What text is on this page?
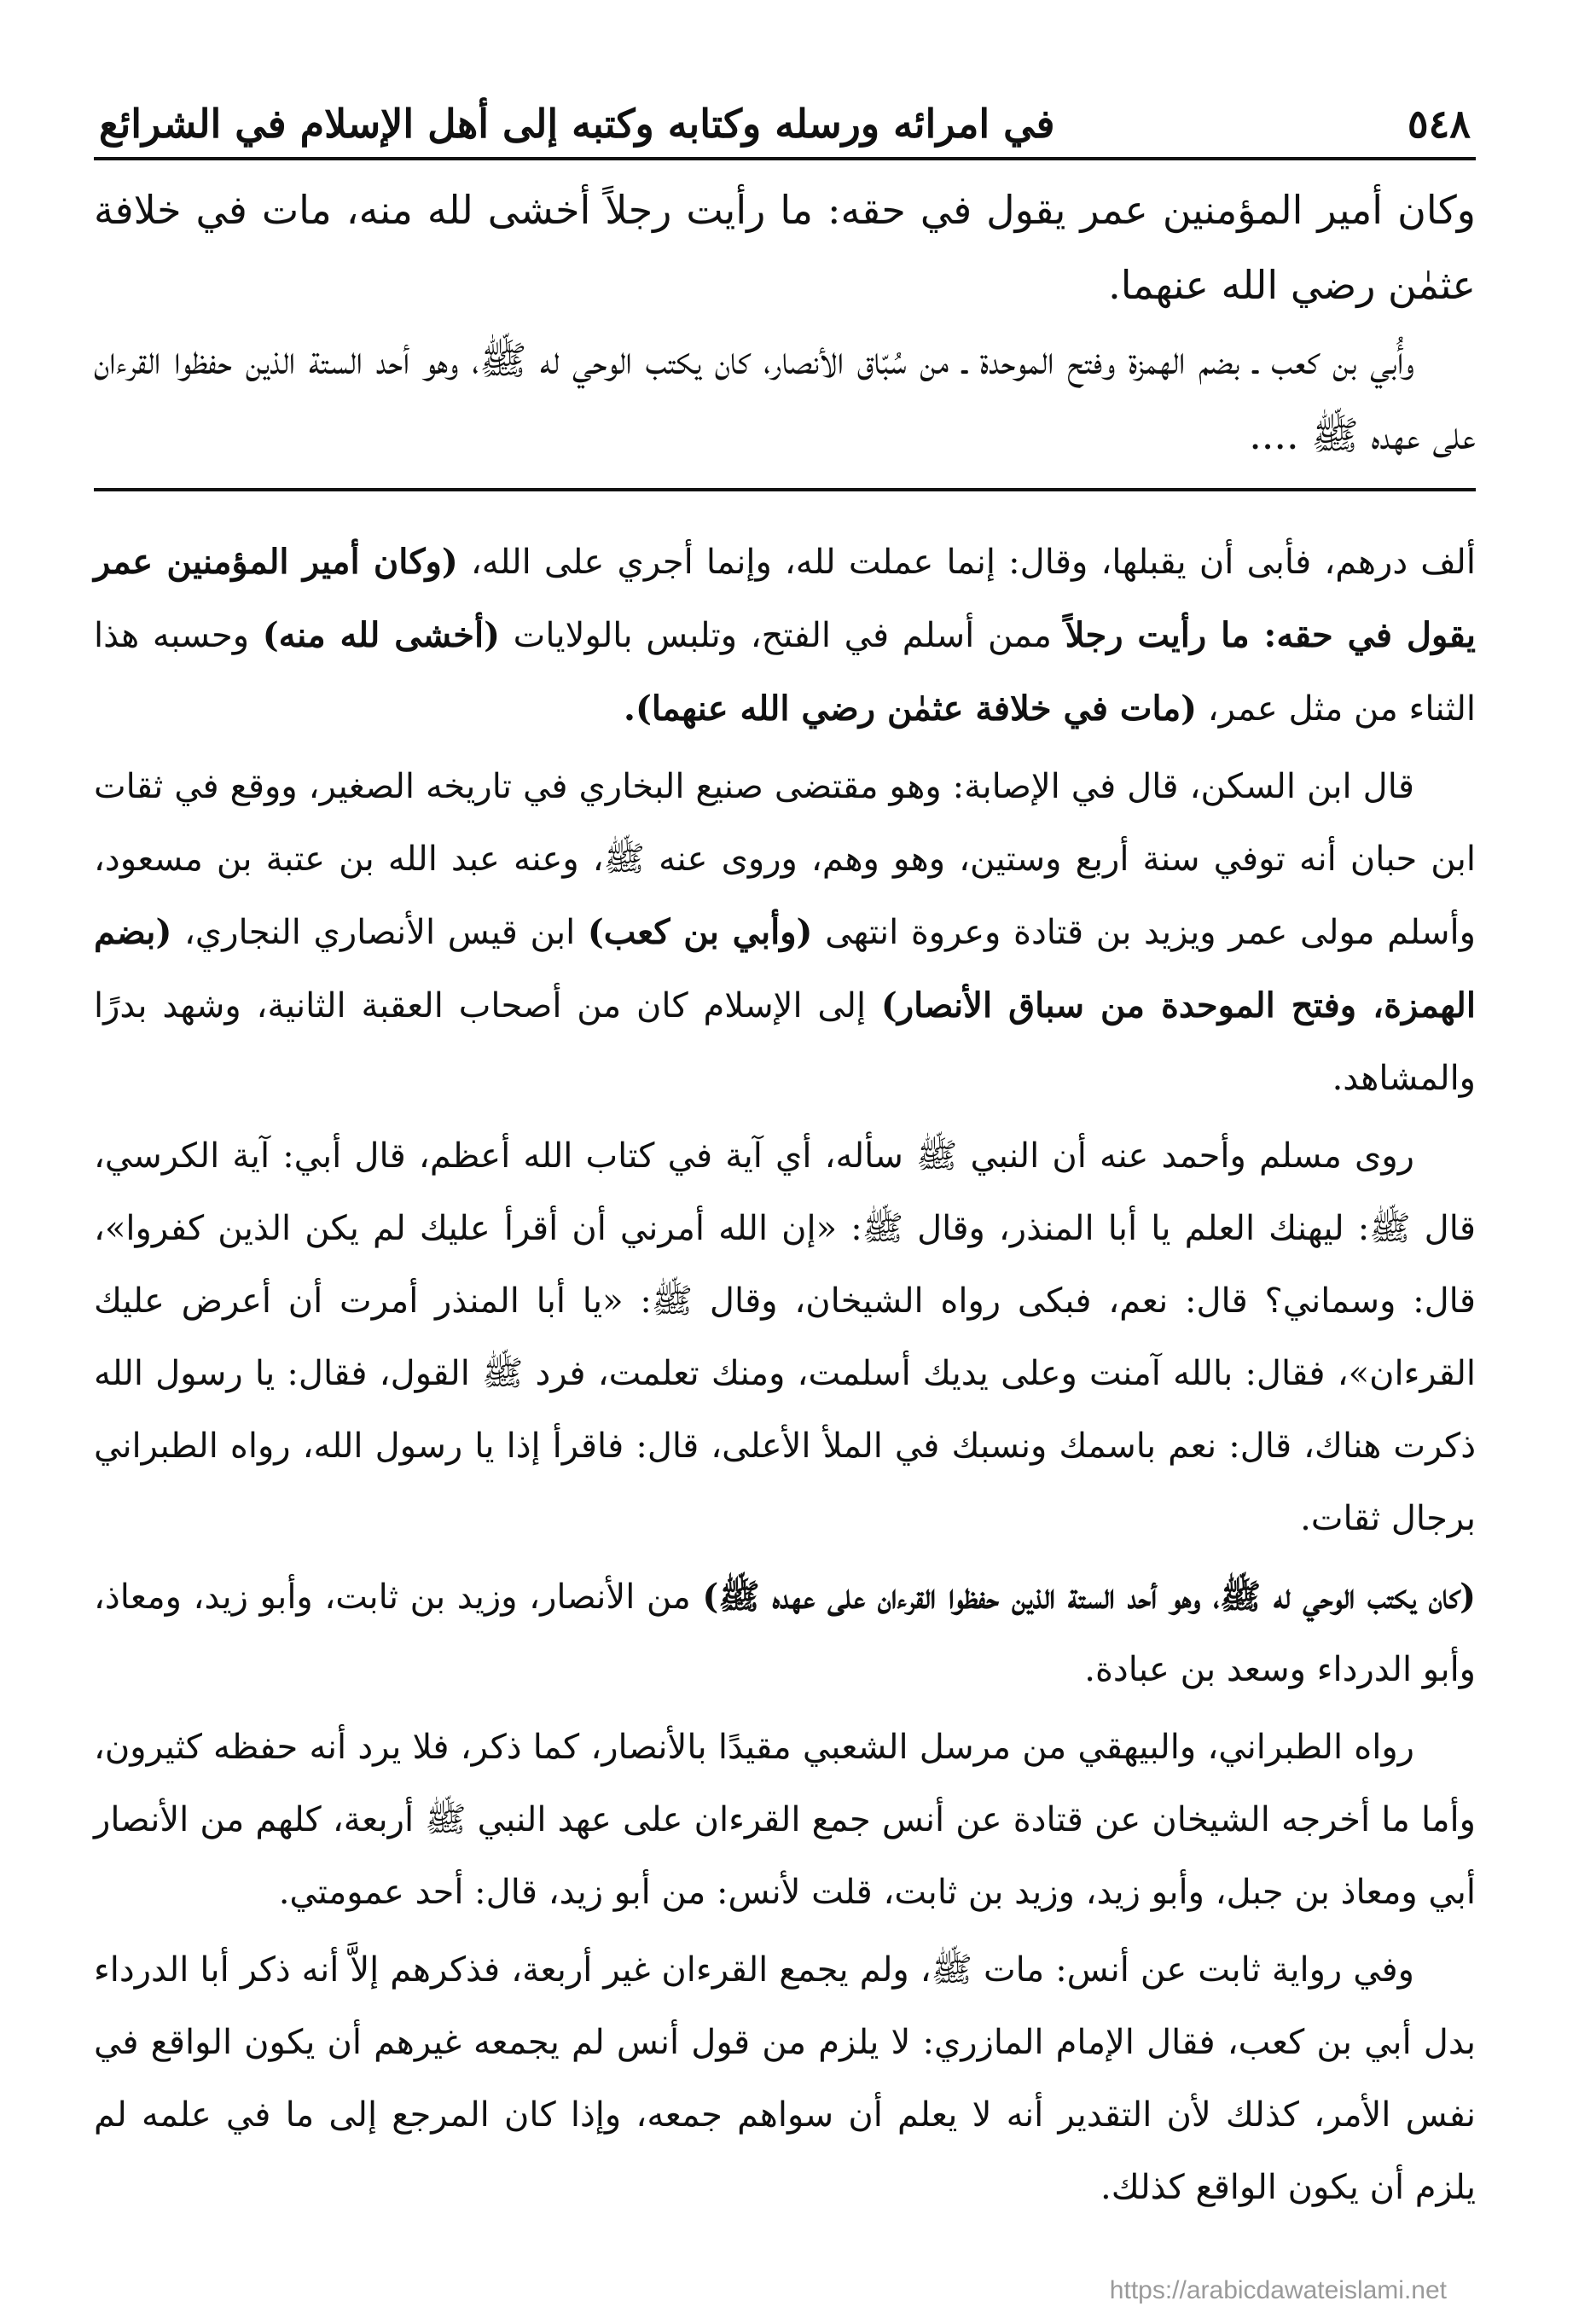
٥٤٨
في امرائه ورسله وكتابه وكتبه إلى أهل الإسلام في الشرائع

وكان أمير المؤمنين عمر يقول في حقه: ما رأيت رجلاً أخشى لله منه، مات في خلافة عثمٰن رضي الله عنهما.

وأُبي بن كعب ـ بضم الهمزة وفتح الموحدة ـ من سُبّاق الأنصار، كان يكتب الوحي له ﷺ، وهو أحد الستة الذين حفظوا القرءان على عهده ﷺ ....

ألف درهم، فأبى أن يقبلها، وقال: إنما عملت لله، وإنما أجري على الله، (وكان أمير المؤمنين عمر يقول في حقه: ما رأيت رجلاً ممن أسلم في الفتح، وتلبس بالولايات (أخشى لله منه) وحسبه هذا الثناء من مثل عمر، (مات في خلافة عثمٰن رضي الله عنهما).

قال ابن السكن، قال في الإصابة: وهو مقتضى صنيع البخاري في تاريخه الصغير، ووقع في ثقات ابن حبان أنه توفي سنة أربع وستين، وهو وهم، وروى عنه ﷺ، وعنه عبد الله بن عتبة بن مسعود، وأسلم مولى عمر ويزيد بن قتادة وعروة انتهى (وأبي بن كعب) ابن قيس الأنصاري النجاري، (بضم الهمزة، وفتح الموحدة من سباق الأنصار) إلى الإسلام كان من أصحاب العقبة الثانية، وشهد بدرًا والمشاهد.

روى مسلم وأحمد عنه أن النبي ﷺ سأله، أي آية في كتاب الله أعظم، قال أبي: آية الكرسي، قال ﷺ: ليهنك العلم يا أبا المنذر، وقال ﷺ: «إن الله أمرني أن أقرأ عليك لم يكن الذين كفروا»، قال: وسماني؟ قال: نعم، فبكى رواه الشيخان، وقال ﷺ: «يا أبا المنذر أمرت أن أعرض عليك القرءان»، فقال: بالله آمنت وعلى يديك أسلمت، ومنك تعلمت، فرد ﷺ القول، فقال: يا رسول الله ذكرت هناك، قال: نعم باسمك ونسبك في الملأ الأعلى، قال: فاقرأ إذا يا رسول الله، رواه الطبراني برجال ثقات.

(كان يكتب الوحي له ﷺ، وهو أحد الستة الذين حفظوا القرءان على عهده ﷺ) من الأنصار، وزيد بن ثابت، وأبو زيد، ومعاذ، وأبو الدرداء وسعد بن عبادة.

رواه الطبراني، والبيهقي من مرسل الشعبي مقيدًا بالأنصار، كما ذكر، فلا يرد أنه حفظه كثيرون، وأما ما أخرجه الشيخان عن قتادة عن أنس جمع القرءان على عهد النبي ﷺ أربعة، كلهم من الأنصار أبي ومعاذ بن جبل، وأبو زيد، وزيد بن ثابت، قلت لأنس: من أبو زيد، قال: أحد عمومتي.

وفي رواية ثابت عن أنس: مات ﷺ، ولم يجمع القرءان غير أربعة، فذكرهم إلاَّ أنه ذكر أبا الدرداء بدل أبي بن كعب، فقال الإمام المازري: لا يلزم من قول أنس لم يجمعه غيرهم أن يكون الواقع في نفس الأمر، كذلك لأن التقدير أنه لا يعلم أن سواهم جمعه، وإذا كان المرجع إلى ما في علمه لم يلزم أن يكون الواقع كذلك.

https://arabicdawateislami.net
